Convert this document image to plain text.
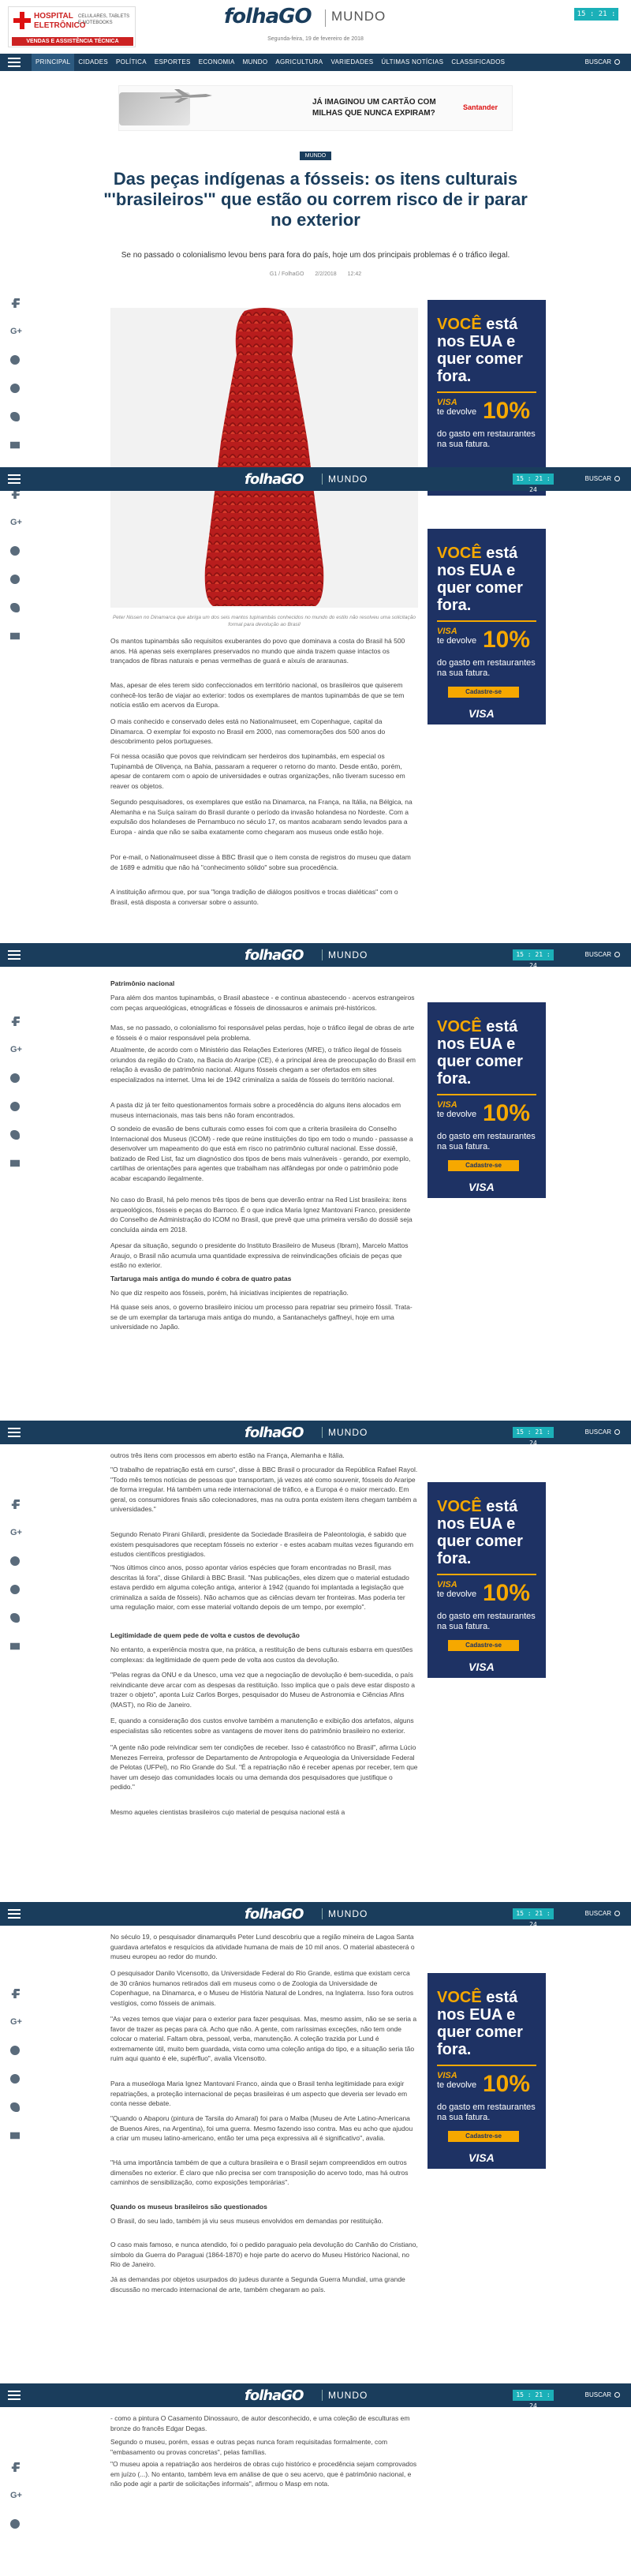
HOSPITAL
ELETRÔNICO
CELULARES, TABLETS E NOTEBOOKS
VENDAS E ASSISTÊNCIA TÉCNICA
folhaGO MUNDO
Segunda-feira, 19 de fevereiro de 2018
15 : 21 : 24
PRINCIPAL	CIDADES	POLÍTICA	ESPORTES	ECONOMIA	MUNDO	AGRICULTURA	VARIEDADES	ÚLTIMAS NOTÍCIAS	CLASSIFICADOS	BUSCAR
JÁ IMAGINOU UM CARTÃO COM MILHAS QUE NUNCA EXPIRAM?
Santander
MUNDO
Das peças indígenas a fósseis: os itens culturais "'brasileiros'" que estão ou correm risco de ir parar no exterior
Se no passado o colonialismo levou bens para fora do país, hoje um dos principais problemas é o tráfico ilegal.
G1 / FolhaGO 2/2/2018 12:42
G+
G+
G+
G+
G+
G+
VOCÊ está nos EUA e quer comer fora.
VISA
te devolve 10%
do gasto em restaurantes na sua fatura.
VOCÊ está nos EUA e quer comer fora.
VISA
te devolve 10%
do gasto em restaurantes na sua fatura.
Cadastre-se
VISA
VOCÊ está nos EUA e quer comer fora.
VISA
te devolve 10%
do gasto em restaurantes na sua fatura.
Cadastre-se
VISA
VOCÊ está nos EUA e quer comer fora.
VISA
te devolve 10%
do gasto em restaurantes na sua fatura.
Cadastre-se
VISA
VOCÊ está nos EUA e quer comer fora.
VISA
te devolve 10%
do gasto em restaurantes na sua fatura.
Cadastre-se
VISA
Peter Nissen no Dinamarca que abriga um dos seis mantos tupinambás conhecidos no mundo do estilo não resolveu uma solicitação formal para devolução ao Brasil
folhaGO	MUNDO	15 : 21 : 24
BUSCAR
folhaGO	MUNDO	15 : 21 : 24
BUSCAR
folhaGO	MUNDO	15 : 21 : 24
BUSCAR
folhaGO	MUNDO	15 : 21 : 24
BUSCAR
folhaGO	MUNDO	15 : 21 : 24
BUSCAR

Os mantos tupinambás são requisitos exuberantes do povo que dominava a costa do Brasil há 500 anos. Há apenas seis exemplares preservados no mundo que ainda trazem quase intactos os trançados de fibras naturais e penas vermelhas de guará e aíxuís de araraunas.

Mas, apesar de eles terem sido confeccionados em território nacional, os brasileiros que quiserem conhecê-los terão de viajar ao exterior: todos os exemplares de mantos tupinambás de que se tem notícia estão em acervos da Europa.

O mais conhecido e conservado deles está no Nationalmuseet, em Copenhague, capital da Dinamarca. O exemplar foi exposto no Brasil em 2000, nas comemorações dos 500 anos do descobrimento pelos portugueses.

Foi nessa ocasião que povos que reivindicam ser herdeiros dos tupinambás, em especial os Tupinambá de Olivença, na Bahia, passaram a requerer o retorno do manto. Desde então, porém, apesar de contarem com o apoio de universidades e outras organizações, não tiveram sucesso em reaver os objetos.

Segundo pesquisadores, os exemplares que estão na Dinamarca, na França, na Itália, na Bélgica, na Alemanha e na Suíça saíram do Brasil durante o período da invasão holandesa no Nordeste. Com a expulsão dos holandeses de Pernambuco no século 17, os mantos acabaram sendo levados para a Europa - ainda que não se saiba exatamente como chegaram aos museus onde estão hoje.

Por e-mail, o Nationalmuseet disse à BBC Brasil que o item consta de registros do museu que datam de 1689 e admitiu que não há "conhecimento sólido" sobre sua procedência.

A instituição afirmou que, por sua "longa tradição de diálogos positivos e trocas dialéticas" com o Brasil, está disposta a conversar sobre o assunto.

Patrimônio nacional

Para além dos mantos tupinambás, o Brasil abastece - e continua abastecendo - acervos estrangeiros com peças arqueológicas, etnográficas e fósseis de dinossauros e animais pré-históricos.

Mas, se no passado, o colonialismo foi responsável pelas perdas, hoje o tráfico ilegal de obras de arte e fósseis é o maior responsável pela problema.

Atualmente, de acordo com o Ministério das Relações Exteriores (MRE), o tráfico ilegal de fósseis oriundos da região do Crato, na Bacia do Araripe (CE), é a principal área de preocupação do Brasil em relação à evasão de patrimônio nacional. Alguns fósseis chegam a ser ofertados em sites especializados na internet. Uma lei de 1942 criminaliza a saída de fósseis do território nacional.

A pasta diz já ter feito questionamentos formais sobre a procedência do alguns itens alocados em museus internacionais, mas tais bens não foram encontrados.

O sondeio de evasão de bens culturais como esses foi com que a criteria brasileira do Conselho Internacional dos Museus (ICOM) - rede que reúne instituições do tipo em todo o mundo - passasse a desenvolver um mapeamento do que está em risco no patrimônio cultural nacional. Esse dossiê, batizado de Red List, faz um diagnóstico dos tipos de bens mais vulneráveis - gerando, por exemplo, cartilhas de orientações para agentes que trabalham nas alfândegas por onde o patrimônio pode acabar escapando ilegalmente.

No caso do Brasil, há pelo menos três tipos de bens que deverão entrar na Red List brasileira: itens arqueológicos, fósseis e peças do Barroco. É o que indica Maria Ignez Mantovani Franco, presidente do Conselho de Administração do ICOM no Brasil, que prevê que uma primeira versão do dossiê seja concluída ainda em 2018.

Apesar da situação, segundo o presidente do Instituto Brasileiro de Museus (Ibram), Marcelo Mattos Araujo, o Brasil não acumula uma quantidade expressiva de reinvindicações oficiais de peças que estão no exterior.

Tartaruga mais antiga do mundo é cobra de quatro patas

No que diz respeito aos fósseis, porém, há iniciativas incipientes de repatriação.

Há quase seis anos, o governo brasileiro iniciou um processo para repatriar seu primeiro fóssil. Trata-se de um exemplar da tartaruga mais antiga do mundo, a Santanachelys gaffneyi, hoje em uma universidade no Japão.

outros três itens com processos em aberto estão na França, Alemanha e Itália.

"O trabalho de repatriação está em curso", disse à BBC Brasil o procurador da República Rafael Rayol. "Todo mês temos notícias de pessoas que transportam, já vezes até como souvenir, fósseis do Araripe de forma irregular. Há também uma rede internacional de tráfico, e a Europa é o maior mercado. Em geral, os consumidores finais são colecionadores, mas na outra ponta existem itens chegam também a universidades."

Segundo Renato Pirani Ghilardi, presidente da Sociedade Brasileira de Paleontologia, é sabido que existem pesquisadores que receptam fósseis no exterior - e estes acabam muitas vezes figurando em estudos científicos prestigiados.

"Nos últimos cinco anos, posso apontar vários espécies que foram encontradas no Brasil, mas descritas lá fora", disse Ghilardi à BBC Brasil. "Nas publicações, eles dizem que o material estudado estava perdido em alguma coleção antiga, anterior à 1942 (quando foi implantada a legislação que criminaliza a saída de fósseis). Não achamos que as ciências devam ter fronteiras. Mas poderia ter uma regulação maior, com esse material voltando depois de um tempo, por exemplo".

Legitimidade de quem pede de volta e custos de devolução

No entanto, a experiência mostra que, na prática, a restituição de bens culturais esbarra em questões complexas: da legitimidade de quem pede de volta aos custos da devolução.

"Pelas regras da ONU e da Unesco, uma vez que a negociação de devolução é bem-sucedida, o país reivindicante deve arcar com as despesas da restituição. Isso implica que o país deve estar disposto a trazer o objeto", aponta Luiz Carlos Borges, pesquisador do Museu de Astronomia e Ciências Afins (MAST), no Rio de Janeiro.

E, quando a consideração dos custos envolve também a manutenção e exibição dos artefatos, alguns especialistas são reticentes sobre as vantagens de mover itens do patrimônio brasileiro no exterior.

"A gente não pode reivindicar sem ter condições de receber. Isso é catastrófico no Brasil", afirma Lúcio Menezes Ferreira, professor de Departamento de Antropologia e Arqueologia da Universidade Federal de Pelotas (UFPel), no Rio Grande do Sul. "É a repatriação não é receber apenas por receber, tem que haver um desejo das comunidades locais ou uma demanda dos pesquisadores que justifique o pedido."

Mesmo aqueles cientistas brasileiros cujo material de pesquisa nacional está a

No século 19, o pesquisador dinamarquês Peter Lund descobriu que a região mineira de Lagoa Santa guardava artefatos e resquícios da atividade humana de mais de 10 mil anos. O material abastecerá o museu europeu ao redor do mundo.

O pesquisador Danilo Vicensotto, da Universidade Federal do Rio Grande, estima que existam cerca de 30 crânios humanos retirados dali em museus como o de Zoologia da Universidade de Copenhague, na Dinamarca, e o Museu de História Natural de Londres, na Inglaterra. Isso fora outros vestígios, como fósseis de animais.

"As vezes temos que viajar para o exterior para fazer pesquisas. Mas, mesmo assim, não se se seria a favor de trazer as peças para cá. Acho que não. A gente, com raríssimas exceções, não tem onde colocar o material. Faltam obra, pessoal, verba, manutenção. A coleção trazida por Lund é extremamente útil, muito bem guardada, vista como uma coleção antiga do tipo, e a situação seria tão ruim aqui quanto é ele, supérfluo", avalia Vicensotto.

Para a museóloga Maria Ignez Mantovani Franco, ainda que o Brasil tenha legitimidade para exigir repatriações, a proteção internacional de peças brasileiras é um aspecto que deveria ser levado em conta nesse debate.

"Quando o Abaporu (pintura de Tarsila do Amaral) foi para o Malba (Museu de Arte Latino-Americana de Buenos Aires, na Argentina), foi uma guerra. Mesmo fazendo isso contra. Mas eu acho que ajudou a criar um museu latino-americano, então ter uma peça expressiva ali é significativo", avalia.

"Há uma importância também de que a cultura brasileira e o Brasil sejam compreendidos em outros dimensões no exterior. É claro que não precisa ser com transposição do acervo todo, mas há outros caminhos de sensibilização, como exposições temporárias".

Quando os museus brasileiros são questionados

O Brasil, do seu lado, também já viu seus museus envolvidos em demandas por restituição.

O caso mais famoso, e nunca atendido, foi o pedido paraguaio pela devolução do Canhão do Cristiano, símbolo da Guerra do Paraguai (1864-1870) e hoje parte do acervo do Museu Histórico Nacional, no Rio de Janeiro.

Já as demandas por objetos usurpados do judeus durante a Segunda Guerra Mundial, uma grande discussão no mercado internacional de arte, também chegaram ao país.

- como a pintura O Casamento Dinossauro, de autor desconhecido, e uma coleção de esculturas em bronze do francês Edgar Degas.

Segundo o museu, porém, essas e outras peças nunca foram requisitadas formalmente, com "embasamento ou provas concretas", pelas famílias.

"O museu apoia a repatriação aos herdeiros de obras cujo histórico e procedência sejam comprovados em juízo (...). No entanto, também leva em análise de que o seu acervo, que é patrimônio nacional, e não pode agir a partir de solicitações informais", afirmou o Masp em nota.
